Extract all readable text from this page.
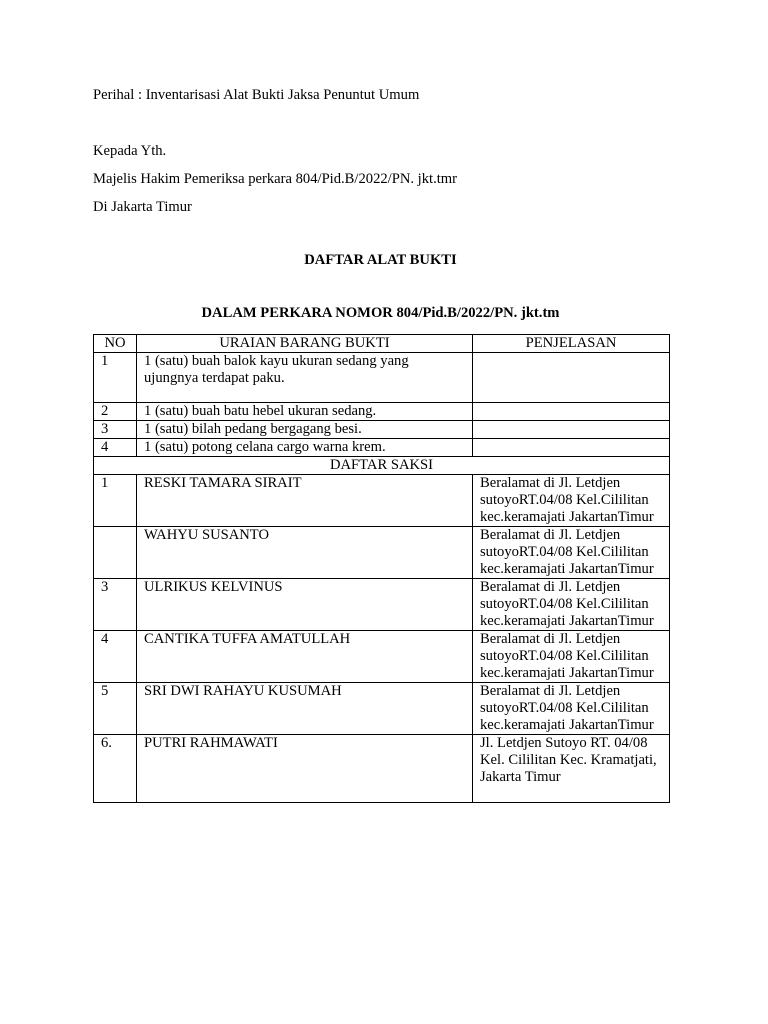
Perihal : Inventarisasi Alat Bukti Jaksa Penuntut Umum
Kepada Yth.
Majelis Hakim Pemeriksa perkara 804/Pid.B/2022/PN. jkt.tmr
Di Jakarta Timur
DAFTAR ALAT BUKTI
DALAM PERKARA NOMOR 804/Pid.B/2022/PN. jkt.tm
NO	URAIAN BARANG BUKTI	PENJELASAN
1	1 (satu) buah balok kayu ukuran sedang yang ujungnya terdapat paku.	
2	1 (satu) buah batu hebel ukuran sedang.	
3	1 (satu) bilah pedang bergagang besi.	
4	1 (satu) potong celana cargo warna krem.	
DAFTAR SAKSI		
1	RESKI TAMARA SIRAIT	Beralamat di Jl. Letdjen sutoyoRT.04/08 Kel.Cililitan kec.keramajati JakartanTimur
	WAHYU SUSANTO	Beralamat di Jl. Letdjen sutoyoRT.04/08 Kel.Cililitan kec.keramajati JakartanTimur
3	ULRIKUS KELVINUS	Beralamat di Jl. Letdjen sutoyoRT.04/08 Kel.Cililitan kec.keramajati JakartanTimur
4	CANTIKA TUFFA AMATULLAH	Beralamat di Jl. Letdjen sutoyoRT.04/08 Kel.Cililitan kec.keramajati JakartanTimur
5	SRI DWI RAHAYU KUSUMAH	Beralamat di Jl. Letdjen sutoyoRT.04/08 Kel.Cililitan kec.keramajati JakartanTimur
6.	PUTRI RAHMAWATI	Jl. Letdjen Sutoyo RT. 04/08 Kel. Cililitan Kec. Kramatjati, Jakarta Timur
